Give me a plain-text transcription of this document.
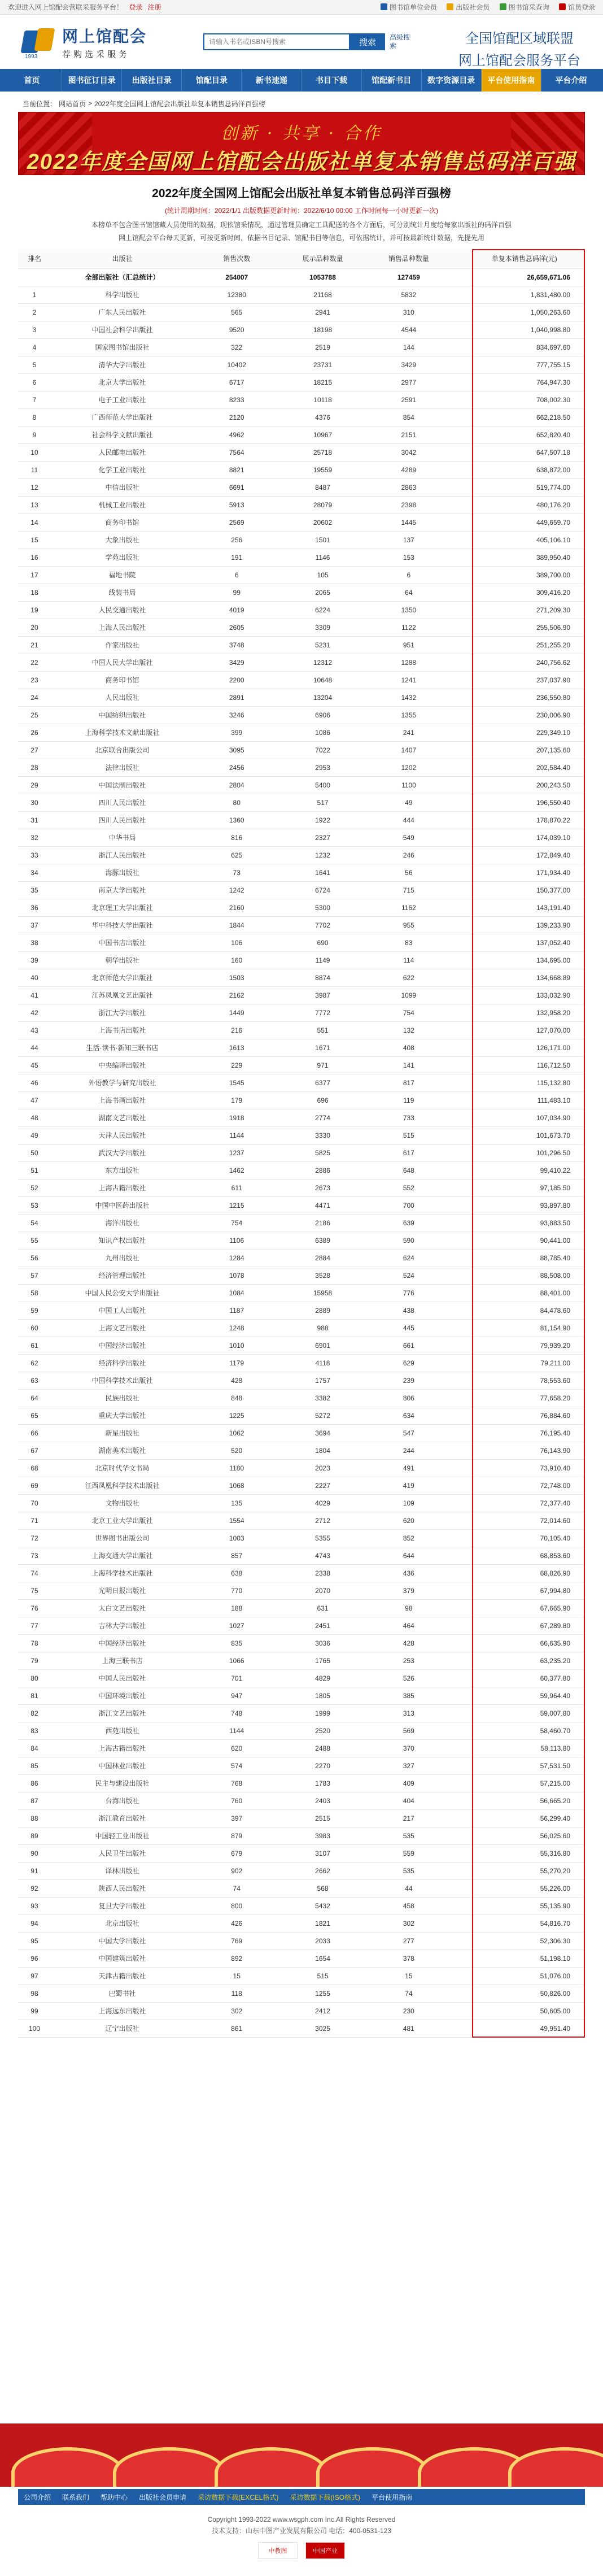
欢迎进入网上馆配会营联采服务平台！ 登录 注册	图书馆单位会员
	出版社会员
	图书馆采查询
	馆员登录
1993
网上馆配会
荐购选采服务
请输入书名或ISBN号搜索
搜索
高级搜索	全国馆配区域联盟
网上馆配会服务平台
首页	图书征订目录	出版社目录	馆配目录	新书速递	书目下载	馆配新书目	数字资源目录	平台使用指南	平台介绍
当前位置： 网站首页 > 2022年度全国网上馆配会出版社单复本销售总码洋百强榜
创新 · 共享 · 合作
2022年度全国网上馆配会出版社单复本销售总码洋百强
2022年度全国网上馆配会出版社单复本销售总码洋百强榜
(统计周期时间：2022/1/1 出版数据更新时间：2022/6/10 00:00 工作时间每一小时更新一次)
本榜单不包含图书馆馆藏人员使用的数据，现依馆采情况，通过管理员确定工具配送的各个方面后，可分别统计月度给每家出版社的码洋百强
网上馆配会平台每天更新，可按更新时间，依据书目记录、馆配书目等信息，可依据统计，并可按最新统计数据，先提先用
排名	出版社	销售次数	展示品种数量	销售品种数量		单复本销售总码洋(元)
	全部出版社（汇总统计）	254007	1053788	127459		26,659,671.06
1	科学出版社	12380	21168	5832		1,831,480.00
2	广东人民出版社	565	2941	310		1,050,263.60
3	中国社会科学出版社	9520	18198	4544		1,040,998.80
4	国家图书馆出版社	322	2519	144		834,697.60
5	清华大学出版社	10402	23731	3429		777,755.15
6	北京大学出版社	6717	18215	2977		764,947.30
7	电子工业出版社	8233	10118	2591		708,002.30
8	广西师范大学出版社	2120	4376	854		662,218.50
9	社会科学文献出版社	4962	10967	2151		652,820.40
10	人民邮电出版社	7564	25718	3042		647,507.18
11	化学工业出版社	8821	19559	4289		638,872.00
12	中信出版社	6691	8487	2863		519,774.00
13	机械工业出版社	5913	28079	2398		480,176.20
14	商务印书馆	2569	20602	1445		449,659.70
15	大象出版社	256	1501	137		405,106.10
16	学苑出版社	191	1146	153		389,950.40
17	福地书院	6	105	6		389,700.00
18	线装书局	99	2065	64		309,416.20
19	人民交通出版社	4019	6224	1350		271,209.30
20	上海人民出版社	2605	3309	1122		255,506.90
21	作家出版社	3748	5231	951		251,255.20
22	中国人民大学出版社	3429	12312	1288		240,756.62
23	商务印书馆	2200	10648	1241		237,037.90
24	人民出版社	2891	13204	1432		236,550.80
25	中国纺织出版社	3246	6906	1355		230,006.90
26	上海科学技术文献出版社	399	1086	241		229,349.10
27	北京联合出版公司	3095	7022	1407		207,135.60
28	法律出版社	2456	2953	1202		202,584.40
29	中国法制出版社	2804	5400	1100		200,243.50
30	四川人民出版社	80	517	49		196,550.40
31	四川人民出版社	1360	1922	444		178,870.22
32	中华书局	816	2327	549		174,039.10
33	浙江人民出版社	625	1232	246		172,849.40
34	海豚出版社	73	1641	56		171,934.40
35	南京大学出版社	1242	6724	715		150,377.00
36	北京理工大学出版社	2160	5300	1162		143,191.40
37	华中科技大学出版社	1844	7702	955		139,233.90
38	中国书店出版社	106	690	83		137,052.40
39	朝华出版社	160	1149	114		134,695.00
40	北京师范大学出版社	1503	8874	622		134,668.89
41	江苏凤凰文艺出版社	2162	3987	1099		133,032.90
42	浙江大学出版社	1449	7772	754		132,958.20
43	上海书店出版社	216	551	132		127,070.00
44	生活·读书·新知三联书店	1613	1671	408		126,171.00
45	中央编译出版社	229	971	141		116,712.50
46	外语教学与研究出版社	1545	6377	817		115,132.80
47	上海书画出版社	179	696	119		111,483.10
48	湖南文艺出版社	1918	2774	733		107,034.90
49	天津人民出版社	1144	3330	515		101,673.70
50	武汉大学出版社	1237	5825	617		101,296.50
51	东方出版社	1462	2886	648		99,410.22
52	上海古籍出版社	611	2673	552		97,185.50
53	中国中医药出版社	1215	4471	700		93,897.80
54	海洋出版社	754	2186	639		93,883.50
55	知识产权出版社	1106	6389	590		90,441.00
56	九州出版社	1284	2884	624		88,785.40
57	经济管理出版社	1078	3528	524		88,508.00
58	中国人民公安大学出版社	1084	15958	776		88,401.00
59	中国工人出版社	1187	2889	438		84,478.60
60	上海文艺出版社	1248	988	445		81,154.90
61	中国经济出版社	1010	6901	661		79,939.20
62	经济科学出版社	1179	4118	629		79,211.00
63	中国科学技术出版社	428	1757	239		78,553.60
64	民族出版社	848	3382	806		77,658.20
65	重庆大学出版社	1225	5272	634		76,884.60
66	新星出版社	1062	3694	547		76,195.40
67	湖南美术出版社	520	1804	244		76,143.90
68	北京时代华文书局	1180	2023	491		73,910.40
69	江西凤凰科学技术出版社	1068	2227	419		72,748.00
70	文物出版社	135	4029	109		72,377.40
71	北京工业大学出版社	1554	2712	620		72,014.60
72	世界图书出版公司	1003	5355	852		70,105.40
73	上海交通大学出版社	857	4743	644		68,853.60
74	上海科学技术出版社	638	2338	436		68,826.90
75	光明日报出版社	770	2070	379		67,994.80
76	太白文艺出版社	188	631	98		67,665.90
77	吉林大学出版社	1027	2451	464		67,289.80
78	中国经济出版社	835	3036	428		66,635.90
79	上海三联书店	1066	1765	253		63,235.20
80	中国人民出版社	701	4829	526		60,377.80
81	中国环境出版社	947	1805	385		59,964.40
82	浙江文艺出版社	748	1999	313		59,007.80
83	西苑出版社	1144	2520	569		58,460.70
84	上海古籍出版社	620	2488	370		58,113.80
85	中国林业出版社	574	2270	327		57,531.50
86	民主与建设出版社	768	1783	409		57,215.00
87	台海出版社	760	2403	404		56,665.20
88	浙江教育出版社	397	2515	217		56,299.40
89	中国轻工业出版社	879	3983	535		56,025.60
90	人民卫生出版社	679	3107	559		55,316.80
91	译林出版社	902	2662	535		55,270.20
92	陕西人民出版社	74	568	44		55,226.00
93	复旦大学出版社	800	5432	458		55,135.90
94	北京出版社	426	1821	302		54,816.70
95	中国大学出版社	769	2033	277		52,306.30
96	中国建筑出版社	892	1654	378		51,198.10
97	天津古籍出版社	15	515	15		51,076.00
98	巴蜀书社	118	1255	74		50,826.00
99	上海远东出版社	302	2412	230		50,605.00
100	辽宁出版社	861	3025	481		49,951.40
公司介绍 联系我们 帮助中心 出版社会员申请 采访数据下载(EXCEL格式) 采访数据下载(ISO格式) 平台使用指南
Copyright 1993-2022 www.wsgph.com Inc.All Rights Reserved
技术支持：山东中图产业发展有限公司 电话：400-0531-123
中教图	中国产业
